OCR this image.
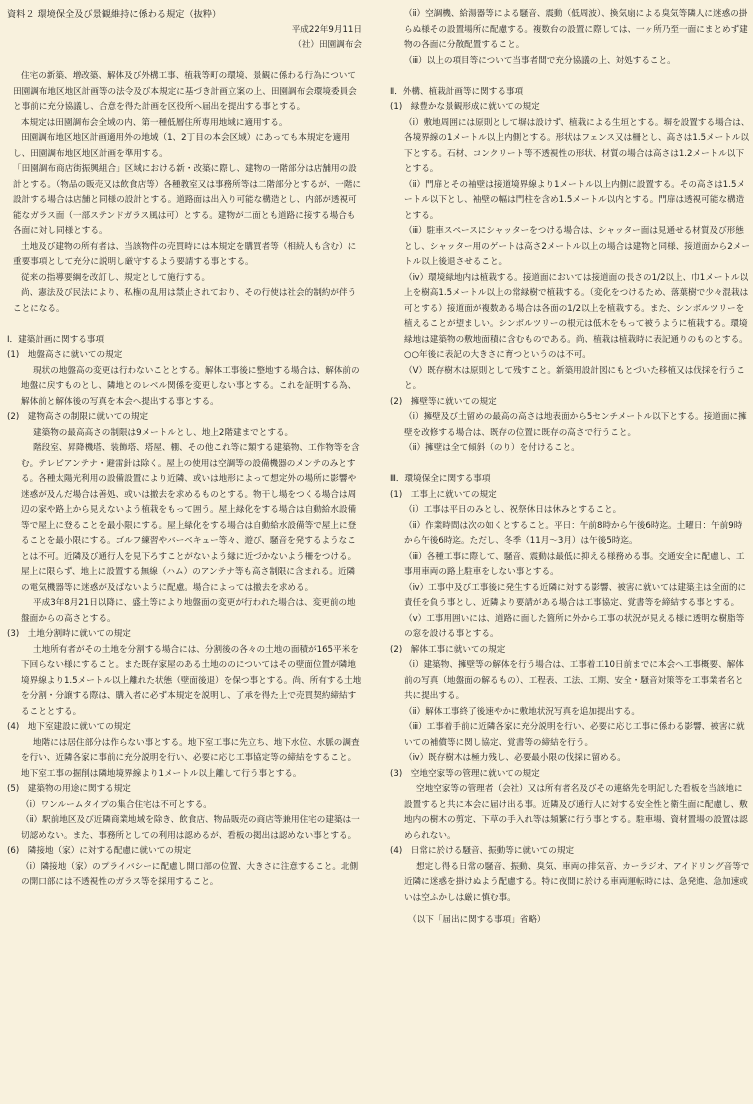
資料２ 環境保全及び景観維持に係わる規定（抜粋）

平成22年9月11日

（社）田園調布会

住宅の新築、増改築、解体及び外構工事、植栽等町の環境、景観に係わる行為について田園調布地区地区計画等の法令及び本規定に基づき計画立案の上、田園調布会環境委員会と事前に充分協議し、合意を得た計画を区役所へ届出を提出する事とする。

本規定は田園調布会全域の内、第一種低層住所専用地域に適用する。

田園調布地区地区計画適用外の地域（1、2丁目の本会区域）にあっても本規定を適用し、田園調布地区地区計画を準用する。

「田園調布商店街振興組合」区域における新・改築に際し、建物の一階部分は店舗用の設計とする。（物品の販売又は飲食店等）各種教室又は事務所等は二階部分とするが、一階に設計する場合は店舗と同様の設計とする。道路面は出入り可能な構造とし、内部が透視可能なガラス面（一部ステンドガラス風は可）とする。建物が二面とも道路に接する場合も各面に対し同様とする。

土地及び建物の所有者は、当該物件の売買時には本規定を購買者等（相続人も含む）に重要事項として充分に説明し厳守するよう要請する事とする。

従来の指導要綱を改訂し、規定として施行する。

尚、憲法及び民法により、私権の乱用は禁止されており、その行使は社会的制約が伴うことになる。

Ⅰ．建築計画に関する事項

(1)　地盤高さに就いての規定

現状の地盤高の変更は行わないこととする。解体工事後に整地する場合は、解体前の地盤に戻すものとし、隣地とのレベル関係を変更しない事とする。これを証明する為、解体前と解体後の写真を本会へ提出する事とする。

(2)　建物高さの制限に就いての規定

建築物の最高高さの制限は9メートルとし、地上2階建までとする。

階段室、昇降機塔、装飾塔、塔屋、棚、その他これ等に類する建築物、工作物等を含む。テレビアンテナ・避雷針は除く。屋上の使用は空調等の設備機器のメンテのみとする。各種太陽光利用の設備設置により近隣、或いは地形によって想定外の場所に影響や迷惑が及んだ場合は善処、或いは撤去を求めるものとする。物干し場をつくる場合は周辺の家や路上から見えないよう植栽をもって囲う。屋上緑化をする場合は自動給水設備等で屋上に登ることを最小限にする。屋上緑化をする場合は自動給水設備等で屋上に登ることを最小限にする。ゴルフ練習やバーベキュー等々、遊び、騒音を発するようなことは不可。近隣及び通行人を見下ろすことがないよう縁に近づかないよう柵をつける。屋上に限らず、地上に設置する無線（ハム）のアンテナ等も高さ制限に含まれる。近隣の電気機器等に迷惑が及ばないように配慮。場合によっては撤去を求める。

平成3年8月21日以降に、盛土等により地盤面の変更が行われた場合は、変更前の地盤面からの高さとする。

(3)　土地分割時に就いての規定

土地所有者がその土地を分割する場合には、分割後の各々の土地の面積が165平米を下回らない様にすること。また既存家屋のある土地ののについてはその壁面位置が隣地境界線より1.5メートル以上離れた状態（壁面後退）を保つ事とする。尚、所有する土地を分割・分譲する際は、購入者に必ず本規定を説明し、了承を得た上で売買契約締結することとする。

(4)　地下室建設に就いての規定

地階には居住部分は作らない事とする。地下室工事に先立ち、地下水位、水脈の調査を行い、近隣各家に事前に充分説明を行い、必要に応じ工事協定等の締結をすること。地下室工事の掘削は隣地境界線より1メートル以上離して行う事とする。

(5)　建築物の用途に関する規定

（ⅰ）ワンルームタイプの集合住宅は不可とする。

（ⅱ）駅前地区及び近隣商業地域を除き、飲食店、物品販売の商店等兼用住宅の建築は一切認めない。また、事務所としての利用は認めるが、看板の掲出は認めない事とする。

(6)　隣接地（家）に対する配慮に就いての規定

（ⅰ）隣接地（家）のプライバシーに配慮し開口部の位置、大きさに注意すること。北側の開口部には不透視性のガラス等を採用すること。

（ⅱ）空調機、給湯器等による騒音、震動（低周波）、換気扇による臭気等隣人に迷惑の掛らぬ様その設置場所に配慮する。複数台の設置に際しては、一ヶ所乃至一面にまとめず建物の各面に分散配置すること。

（ⅲ）以上の項目等について当事者間で充分協議の上、対処すること。

Ⅱ．外構、植栽計画等に関する事項

(1)　緑豊かな景観形成に就いての規定

（ⅰ）敷地周囲には原則として塀は設けず、植栽による生垣とする。塀を設置する場合は、各境界線の1メートル以上内側とする。形状はフェンス又は柵とし、高さは1.5メートル以下とする。石材、コンクリート等不透視性の形状、材質の場合は高さは1.2メートル以下とする。

（ⅱ）門扉とその袖壁は接道境界線より1メートル以上内側に設置する。その高さは1.5メートル以下とし、袖壁の幅は門柱を含め1.5メートル以内とする。門扉は透視可能な構造とする。

（ⅲ）駐車スペースにシャッターをつける場合は、シャッター面は見通せる材質及び形態とし、シャッター用のゲートは高さ2メートル以上の場合は建物と同様、接道面から2メートル以上後退させること。

（ⅳ）環境緑地内は植栽する。接道面においては接道面の長さの1/2以上、巾1メートル以上を樹高1.5メートル以上の常緑樹で植栽する。（変化をつけるため、落葉樹で少々混栽は可とする）接道面が複数ある場合は各面の1/2以上を植栽する。また、シンボルツリーを植えることが望ましい。シンボルツリーの根元は低木をもって被うように植栽する。環境緑地は建築物の敷地面積に含むものである。尚、植栽は植栽時に表記通りのものとする。○○年後に表記の大きさに育つというのは不可。

（Ⅴ）既存樹木は原則として残すこと。新築用設計図にもとづいた移植又は伐採を行うこと。

(2)　擁壁等に就いての規定

（ⅰ）擁壁及び土留めの最高の高さは地表面から5センチメートル以下とする。接道面に擁壁を改修する場合は、既存の位置に既存の高さで行うこと。

（ⅱ）擁壁は全て傾斜（のり）を付けること。

Ⅲ．環境保全に関する事項

(1)　工事上に就いての規定

（ⅰ）工事は平日のみとし、祝祭休日は休みとすること。

（ⅱ）作業時間は次の如くとすること。平日：午前8時から午後6時迄。土曜日：午前9時から午後6時迄。ただし、冬季（11月～3月）は午後5時迄。

（ⅲ）各種工事に際して、騒音、震動は最低に抑える様務める事。交通安全に配慮し、工事用車両の路上駐車をしない事とする。

（ⅳ）工事中及び工事後に発生する近隣に対する影響、被害に就いては建築主は全面的に責任を負う事とし、近隣より要請がある場合は工事協定、覚書等を締結する事とする。

（ⅴ）工事用囲いには、道路に面した箇所に外から工事の状況が見える様に透明な樹脂等の窓を設ける事とする。

(2)　解体工事に就いての規定

（ⅰ）建築物、擁壁等の解体を行う場合は、工事着工10日前までに本会へ工事概要、解体前の写真（地盤面の解るもの）、工程表、工法、工期、安全・騒音対策等を工事業者名と共に提出する。

（ⅱ）解体工事終了後速やかに敷地状況写真を追加提出する。

（ⅲ）工事着手前に近隣各家に充分説明を行い、必要に応じ工事に係わる影響、被害に就いての補償等に関し協定、覚書等の締結を行う。

（ⅳ）既存樹木は極力残し、必要最小限の伐採に留める。

(3)　空地空家等の管理に就いての規定

空地空家等の管理者（会社）又は所有者名及びその連絡先を明記した看板を当該地に設置すると共に本会に届け出る事。近隣及び通行人に対する安全性と衛生面に配慮し、敷地内の樹木の剪定、下草の手入れ等は頻繁に行う事とする。駐車場、資材置場の設置は認められない。

(4)　日常に於ける騒音、振動等に就いての規定

想定し得る日常の騒音、振動、臭気、車両の排気音、カーラジオ、アイドリング音等で近隣に迷惑を掛けぬよう配慮する。特に夜間に於ける車両運転時には、急発進、急加速或いは空ふかしは厳に慎む事。

（以下「届出に関する事項」省略）
